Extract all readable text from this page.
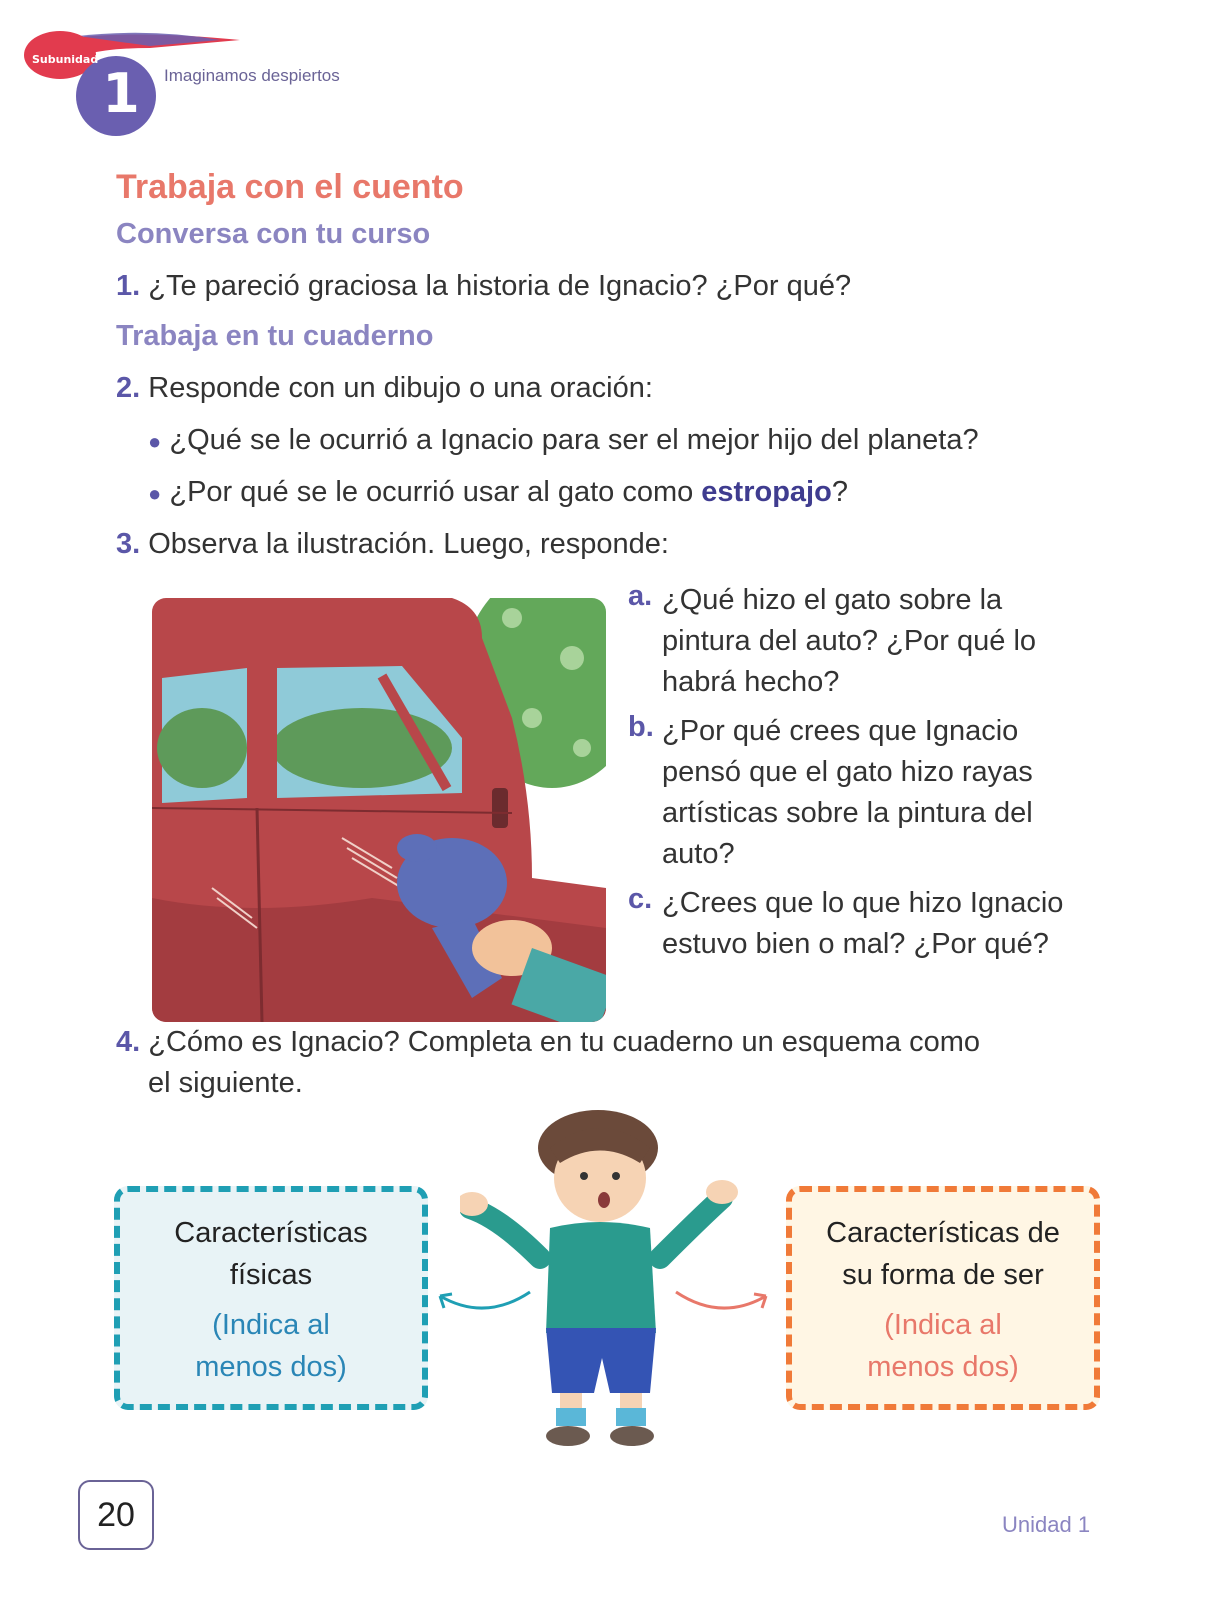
Subunidad
1	Imaginamos despiertos
Trabaja con el cuento
Conversa con tu curso
1. ¿Te pareció graciosa la historia de Ignacio? ¿Por qué?
Trabaja en tu cuaderno
2. Responde con un dibujo o una oración:
● ¿Qué se le ocurrió a Ignacio para ser el mejor hijo del planeta?
● ¿Por qué se le ocurrió usar al gato como estropajo?
3. Observa la ilustración. Luego, responde:
a. ¿Qué hizo el gato sobre la pintura del auto? ¿Por qué lo habrá hecho?
b. ¿Por qué crees que Ignacio pensó que el gato hizo rayas artísticas sobre la pintura del auto?
c. ¿Crees que lo que hizo Ignacio estuvo bien o mal? ¿Por qué?
4. ¿Cómo es Ignacio? Completa en tu cuaderno un esquema como
el siguiente.
Características
físicas
(Indica al
menos dos)
Características de
su forma de ser
(Indica al
menos dos)
20	Unidad 1
